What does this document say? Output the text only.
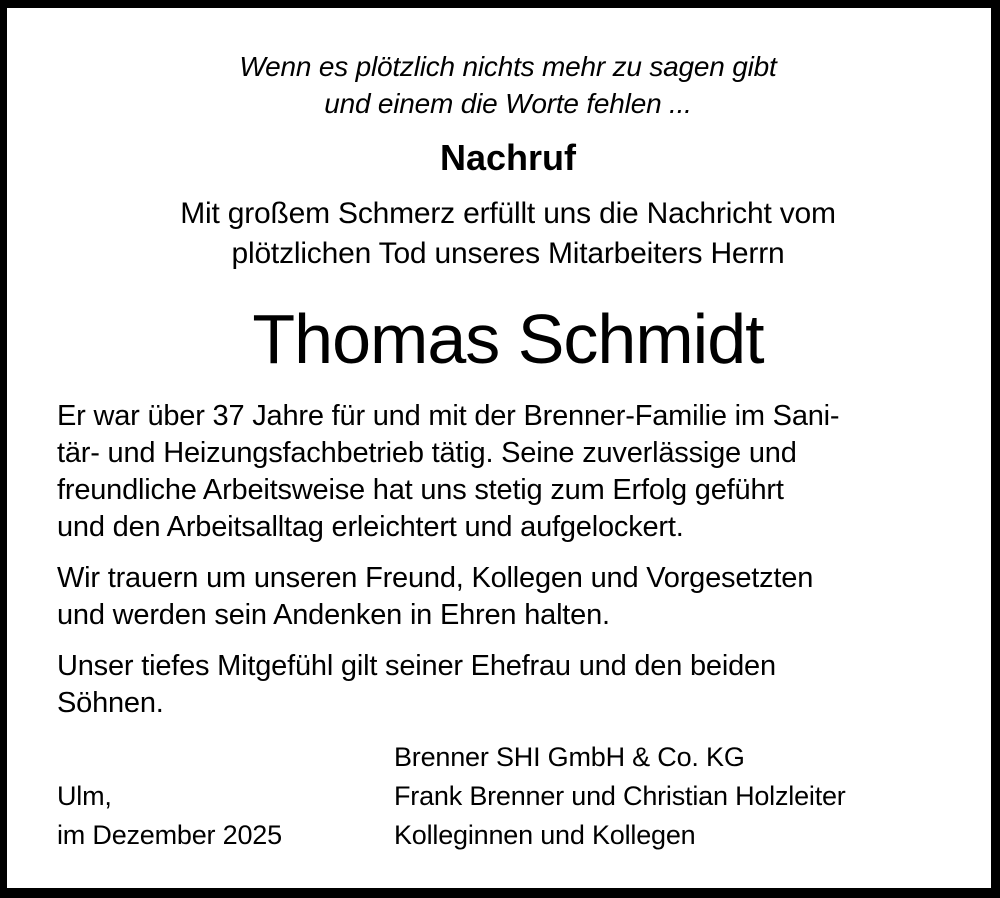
Wenn es plötzlich nichts mehr zu sagen gibt
und einem die Worte fehlen ...
Nachruf
Mit großem Schmerz erfüllt uns die Nachricht vom
plötzlichen Tod unseres Mitarbeiters Herrn
Thomas Schmidt
Er war über 37 Jahre für und mit der Brenner-Familie im Sani-
tär- und Heizungsfachbetrieb tätig. Seine zuverlässige und
freundliche Arbeitsweise hat uns stetig zum Erfolg geführt
und den Arbeitsalltag erleichtert und aufgelockert.
Wir trauern um unseren Freund, Kollegen und Vorgesetzten
und werden sein Andenken in Ehren halten.
Unser tiefes Mitgefühl gilt seiner Ehefrau und den beiden
Söhnen.
Ulm,
im Dezember 2025
Brenner SHI GmbH & Co. KG
Frank Brenner und Christian Holzleiter
Kolleginnen und Kollegen
